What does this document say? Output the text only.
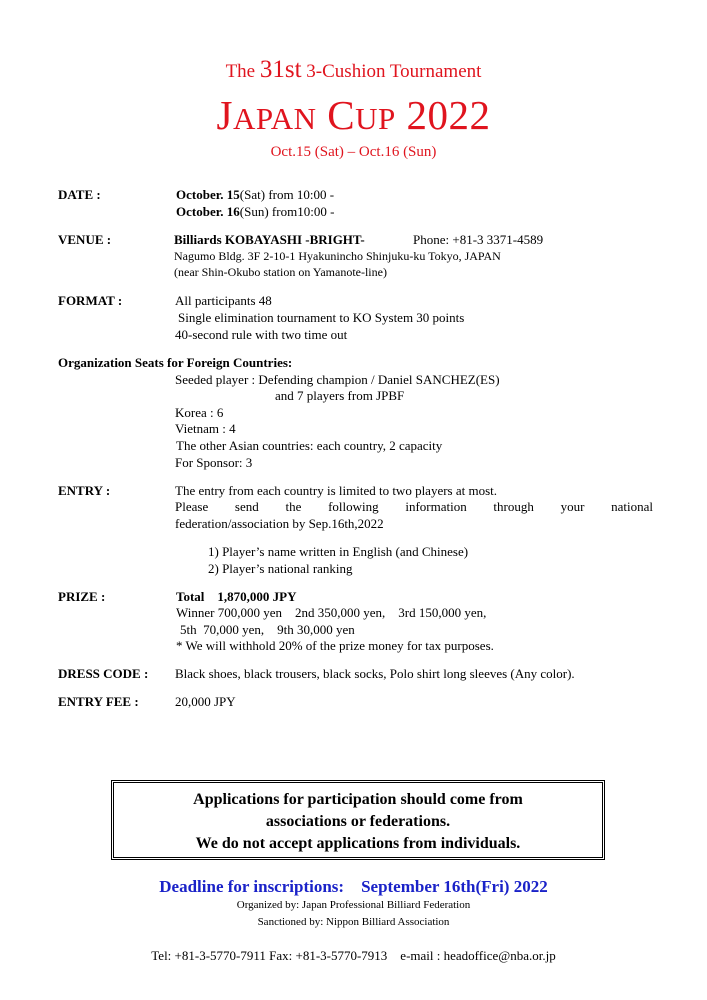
The 31st 3-Cushion Tournament
JAPAN CUP 2022
Oct.15 (Sat) – Oct.16 (Sun)
DATE :	October. 15(Sat) from 10:00 -
October. 16(Sun) from10:00 -
VENUE :	Billiards KOBAYASHI -BRIGHT-	Phone: +81-3 3371-4589
Nagumo Bldg. 3F 2-10-1 Hyakunincho Shinjuku-ku Tokyo, JAPAN
(near Shin-Okubo station on Yamanote-line)
FORMAT :	All participants 48
Single elimination tournament to KO System 30 points
40-second rule with two time out
Organization Seats for Foreign Countries:
Seeded player : Defending champion / Daniel SANCHEZ(ES)
and 7 players from JPBF
Korea : 6
Vietnam : 4
The other Asian countries: each country, 2 capacity
For Sponsor: 3
ENTRY :	The entry from each country is limited to two players at most.
Please send the following information through your national
federation/association by Sep.16th,2022
1) Player’s name written in English (and Chinese)
2) Player’s national ranking
PRIZE :	Total    1,870,000 JPY
Winner 700,000 yen    2nd 350,000 yen,    3rd 150,000 yen,
5th  70,000 yen,    9th 30,000 yen
* We will withhold 20% of the prize money for tax purposes.
DRESS CODE : Black shoes, black trousers, black socks, Polo shirt long sleeves (Any color).
ENTRY FEE :	20,000 JPY
Applications for participation should come from
associations or federations.
We do not accept applications from individuals.
Deadline for inscriptions:    September 16th(Fri) 2022
Organized by: Japan Professional Billiard Federation
Sanctioned by: Nippon Billiard Association
Tel: +81-3-5770-7911 Fax: +81-3-5770-7913    e-mail : headoffice@nba.or.jp
